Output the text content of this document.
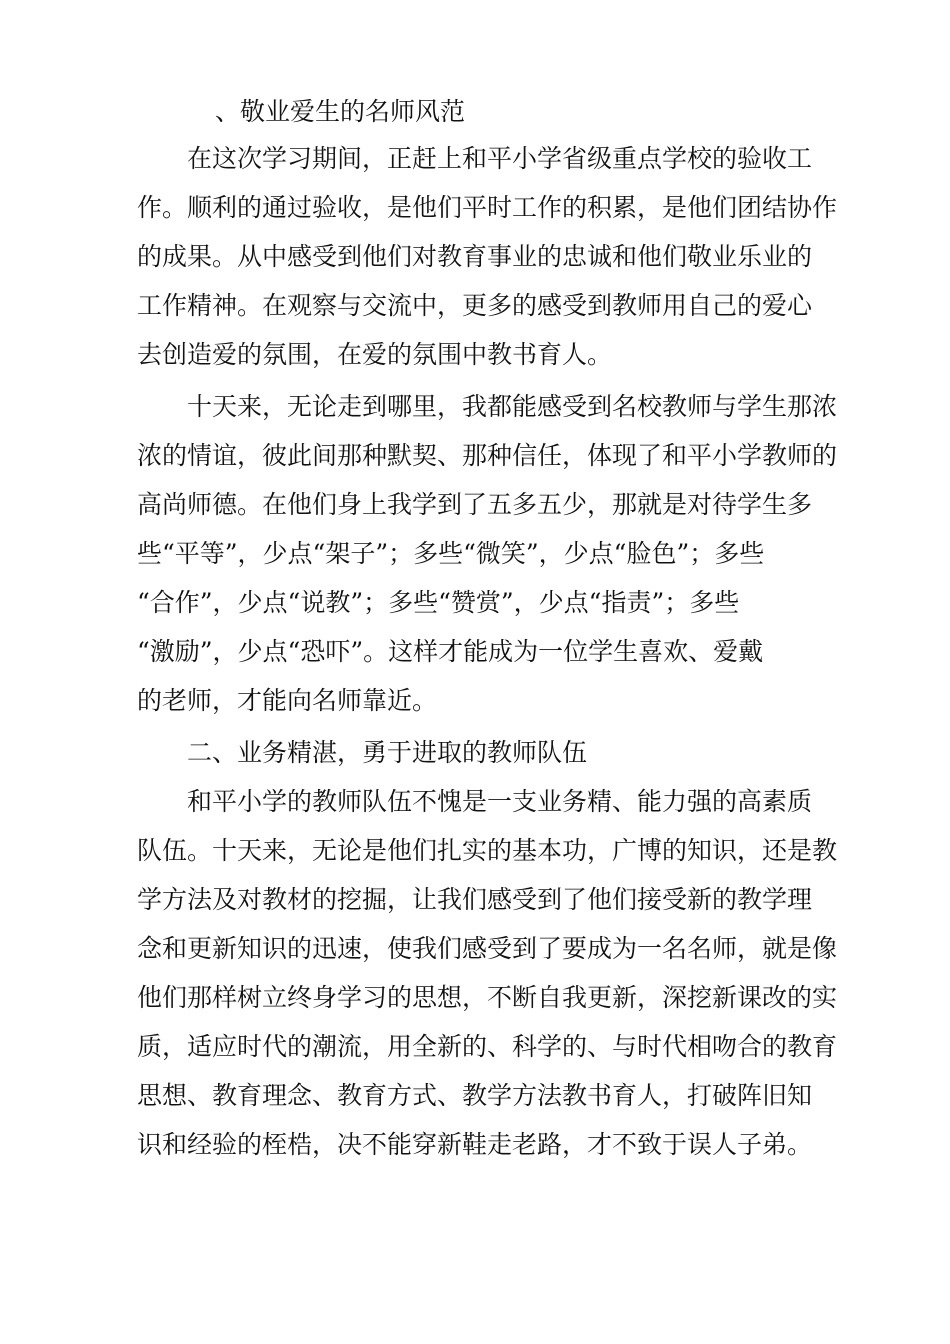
、敬业爱生的名师风范

在这次学习期间，正赶上和平小学省级重点学校的验收工

作。顺利的通过验收，是他们平时工作的积累，是他们团结协作

的成果。从中感受到他们对教育事业的忠诚和他们敬业乐业的

工作精神。在观察与交流中，更多的感受到教师用自己的爱心

去创造爱的氛围，在爱的氛围中教书育人。

十天来，无论走到哪里，我都能感受到名校教师与学生那浓

浓的情谊，彼此间那种默契、那种信任，体现了和平小学教师的

高尚师德。在他们身上我学到了五多五少，那就是对待学生多

些“平等”，少点“架子”；多些“微笑”，少点“脸色”；多些

“合作”，少点“说教”；多些“赞赏”，少点“指责”；多些

“激励”，少点“恐吓”。这样才能成为一位学生喜欢、爱戴

的老师，才能向名师靠近。

二、业务精湛，勇于进取的教师队伍

和平小学的教师队伍不愧是一支业务精、能力强的高素质

队伍。十天来，无论是他们扎实的基本功，广博的知识，还是教

学方法及对教材的挖掘，让我们感受到了他们接受新的教学理

念和更新知识的迅速，使我们感受到了要成为一名名师，就是像

他们那样树立终身学习的思想，不断自我更新，深挖新课改的实

质，适应时代的潮流，用全新的、科学的、与时代相吻合的教育

思想、教育理念、教育方式、教学方法教书育人，打破阵旧知

识和经验的桎梏，决不能穿新鞋走老路，才不致于误人子弟。
